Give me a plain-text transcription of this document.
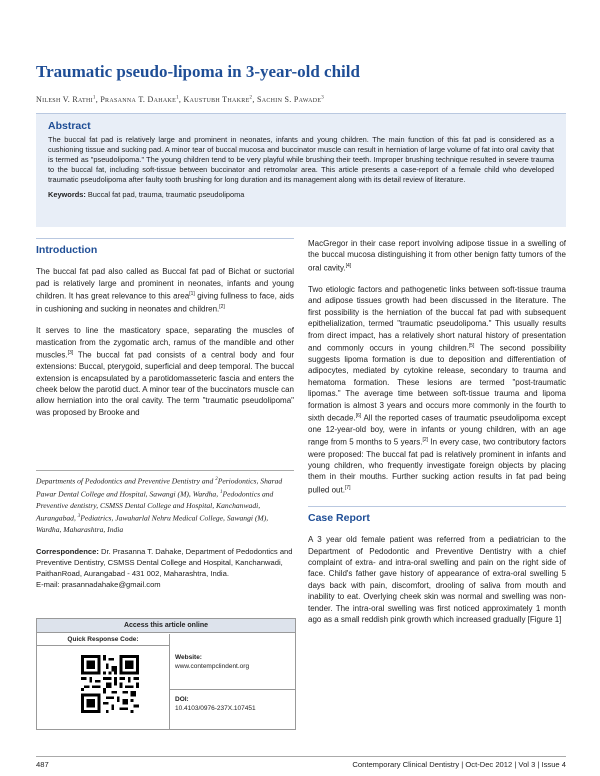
Traumatic pseudo-lipoma in 3-year-old child
Nilesh V. Rathi$^1$, Prasanna T. Dahake$^1$, Kaustubh Thakre$^2$, Sachin S. Pawade$^3$
Abstract
The buccal fat pad is relatively large and prominent in neonates, infants and young children. The main function of this fat pad is considered as a cushioning tissue and sucking pad. A minor tear of buccal mucosa and buccinator muscle can result in herniation of large volume of fat into oral cavity that is termed as "pseudolipoma." The young children tend to be very playful while brushing their teeth. Improper brushing technique resulted in severe trauma to the buccal fat, including soft-tissue between buccinator and retromolar area. This article presents a case-report of a female child who developed traumatic pseudolipoma after faulty tooth brushing for long duration and its management along with its detail review of literature.
Keywords: Buccal fat pad, trauma, traumatic pseudolipoma
Introduction

The buccal fat pad also called as Buccal fat pad of Bichat or suctorial pad is relatively large and prominent in neonates, infants and young children. It has great relevance to this area[1] giving fullness to face, aids in cushioning and sucking in neonates and children.[2]

It serves to line the masticatory space, separating the muscles of mastication from the zygomatic arch, ramus of the mandible and other muscles.[3] The buccal fat pad consists of a central body and four extensions: Buccal, pterygoid, superficial and deep temporal. The buccal extension is encapsulated by a parotidomasseteric fascia and enters the cheek below the parotid duct. A minor tear of the buccinators muscle can allow herniation into the oral cavity. The term "traumatic pseudolipoma" was proposed by Brooke and

Departments of Pedodontics and Preventive Dentistry and $^2$Periodontics, Sharad Pawar Dental College and Hospital, Sawangi (M), Wardha, $^1$Pedodontics and Preventive dentistry, CSMSS Dental College and Hospital, Kanchanwadi, Aurangabad, $^3$Pediatrics, Jawaharlal Nehru Medical College, Sawangi (M), Wardha, Maharashtra, India
Correspondence: Dr. Prasanna T. Dahake, Department of Pedodontics and Preventive Dentistry, CSMSS Dental College and Hospital, Kanchanwadi, PaithanRoad, Aurangabad - 431 002, Maharashtra, India.
E-mail: prasannadahake@gmail.com
Access this article online
Quick Response Code:
Website:
www.contempclindent.org
DOI:
10.4103/0976-237X.107451

MacGregor in their case report involving adipose tissue in a swelling of the buccal mucosa distinguishing it from other benign fatty tumors of the oral cavity.[4]

Two etiologic factors and pathogenetic links between soft-tissue trauma and adipose tissues growth had been discussed in the literature. The first possibility is the herniation of the buccal fat pad with subsequent epithelialization, termed "traumatic pseudolipoma." This usually results from direct impact, has a relatively short natural history of presentation and commonly occurs in young children.[5] The second possibility suggests lipoma formation is due to deposition and differentiation of adipocytes, mediated by cytokine release, secondary to trauma and hematoma formation. These lesions are termed "post-traumatic lipomas." The average time between soft-tissue trauma and lipoma formation is almost 3 years and occurs more commonly in the fourth to sixth decade.[6] All the reported cases of traumatic pseudolipoma except one 12-year-old boy, were in infants or young children, with an age range from 5 months to 5 years.[2] In every case, two contributory factors were proposed: The buccal fat pad is relatively prominent in infants and young children, who frequently investigate foreign objects by placing them in their mouths. Further sucking action results in fat pad being pulled out.[7]

Case Report

A 3 year old female patient was referred from a pediatrician to the Department of Pedodontic and Preventive Dentistry with a chief complaint of extra- and intra-oral swelling and pain on the right side of face. Child's father gave history of appearance of extra-oral swelling 5 days back with pain, discomfort, drooling of saliva from mouth and inability to eat. Overlying cheek skin was normal and swelling was non-tender. The intra-oral swelling was first noticed approximately 1 month ago as a small reddish pink growth which increased gradually [Figure 1]

487	Contemporary Clinical Dentistry | Oct-Dec 2012 | Vol 3 | Issue 4
